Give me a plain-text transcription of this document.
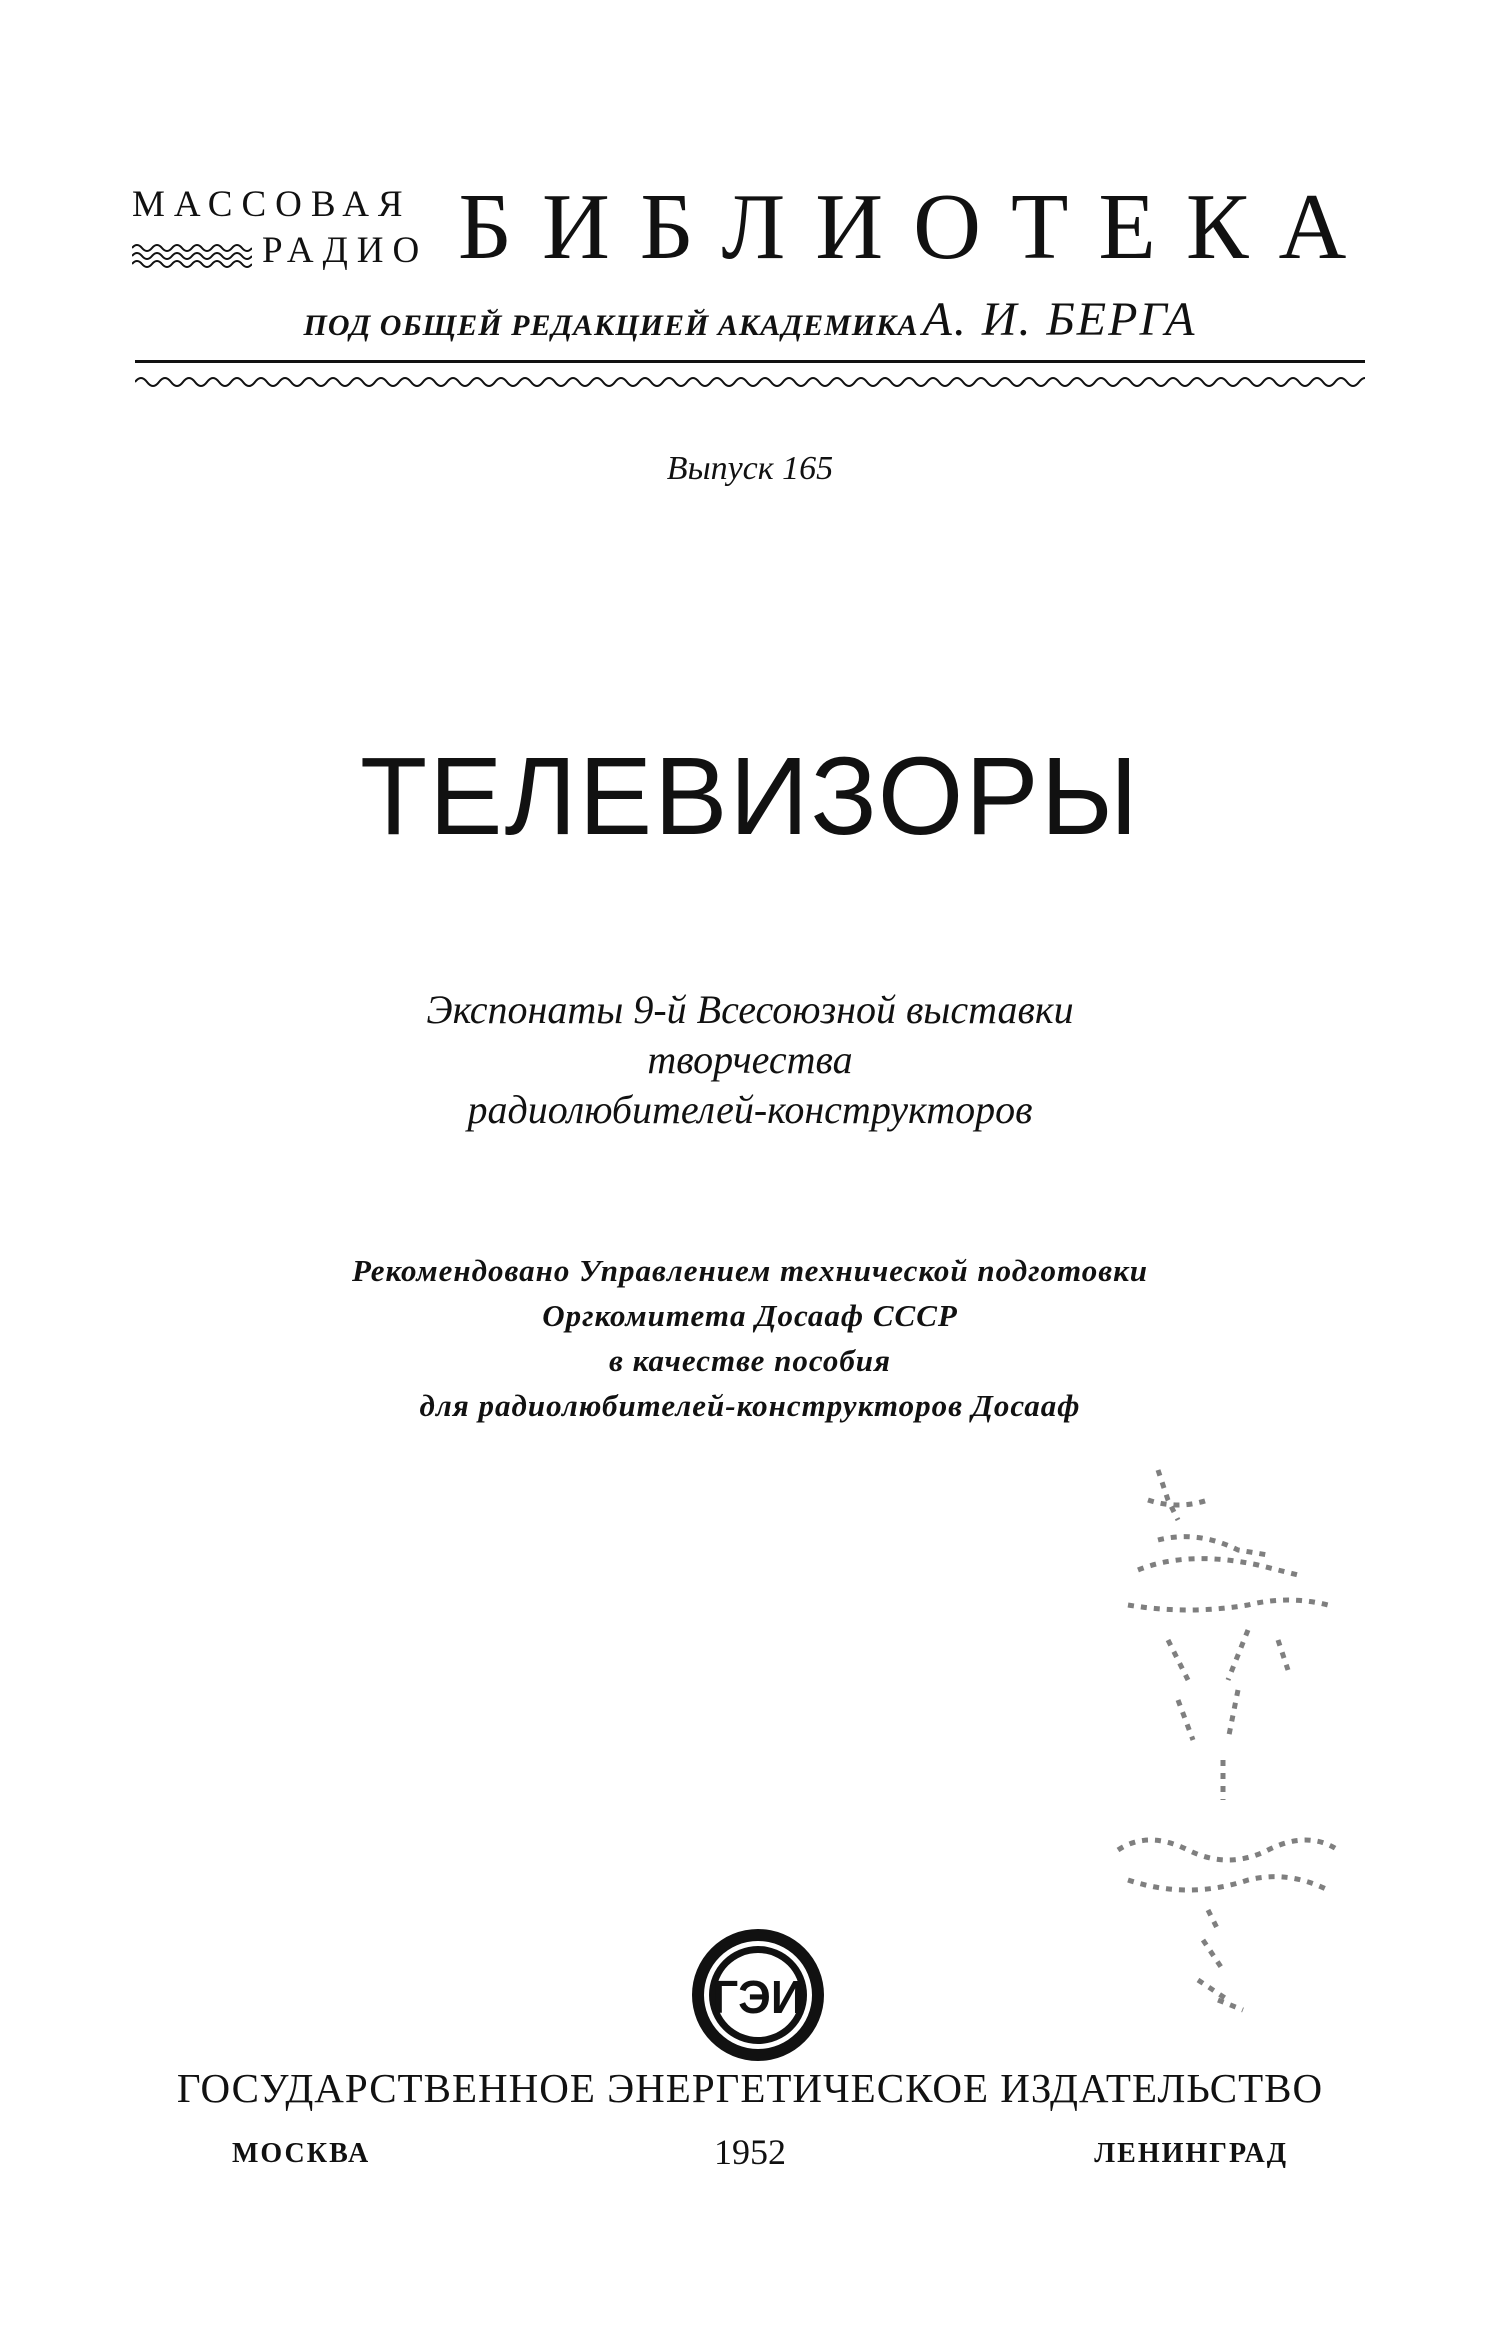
МАССОВАЯ
РАДИО БИБЛИОТЕКА
ПОД ОБЩЕЙ РЕДАКЦИЕЙ АКАДЕМИКА А. И. БЕРГА
Выпуск 165
ТЕЛЕВИЗОРЫ
Экспонаты 9-й Всесоюзной выставки
творчества
радиолюбителей-конструкторов
Рекомендовано Управлением технической подготовки
Оргкомитета Досааф СССР
в качестве пособия
для радиолюбителей-конструкторов Досааф
ГЭИ
ГОСУДАРСТВЕННОЕ ЭНЕРГЕТИЧЕСКОЕ ИЗДАТЕЛЬСТВО
МОСКВА	1952	ЛЕНИНГРАД
